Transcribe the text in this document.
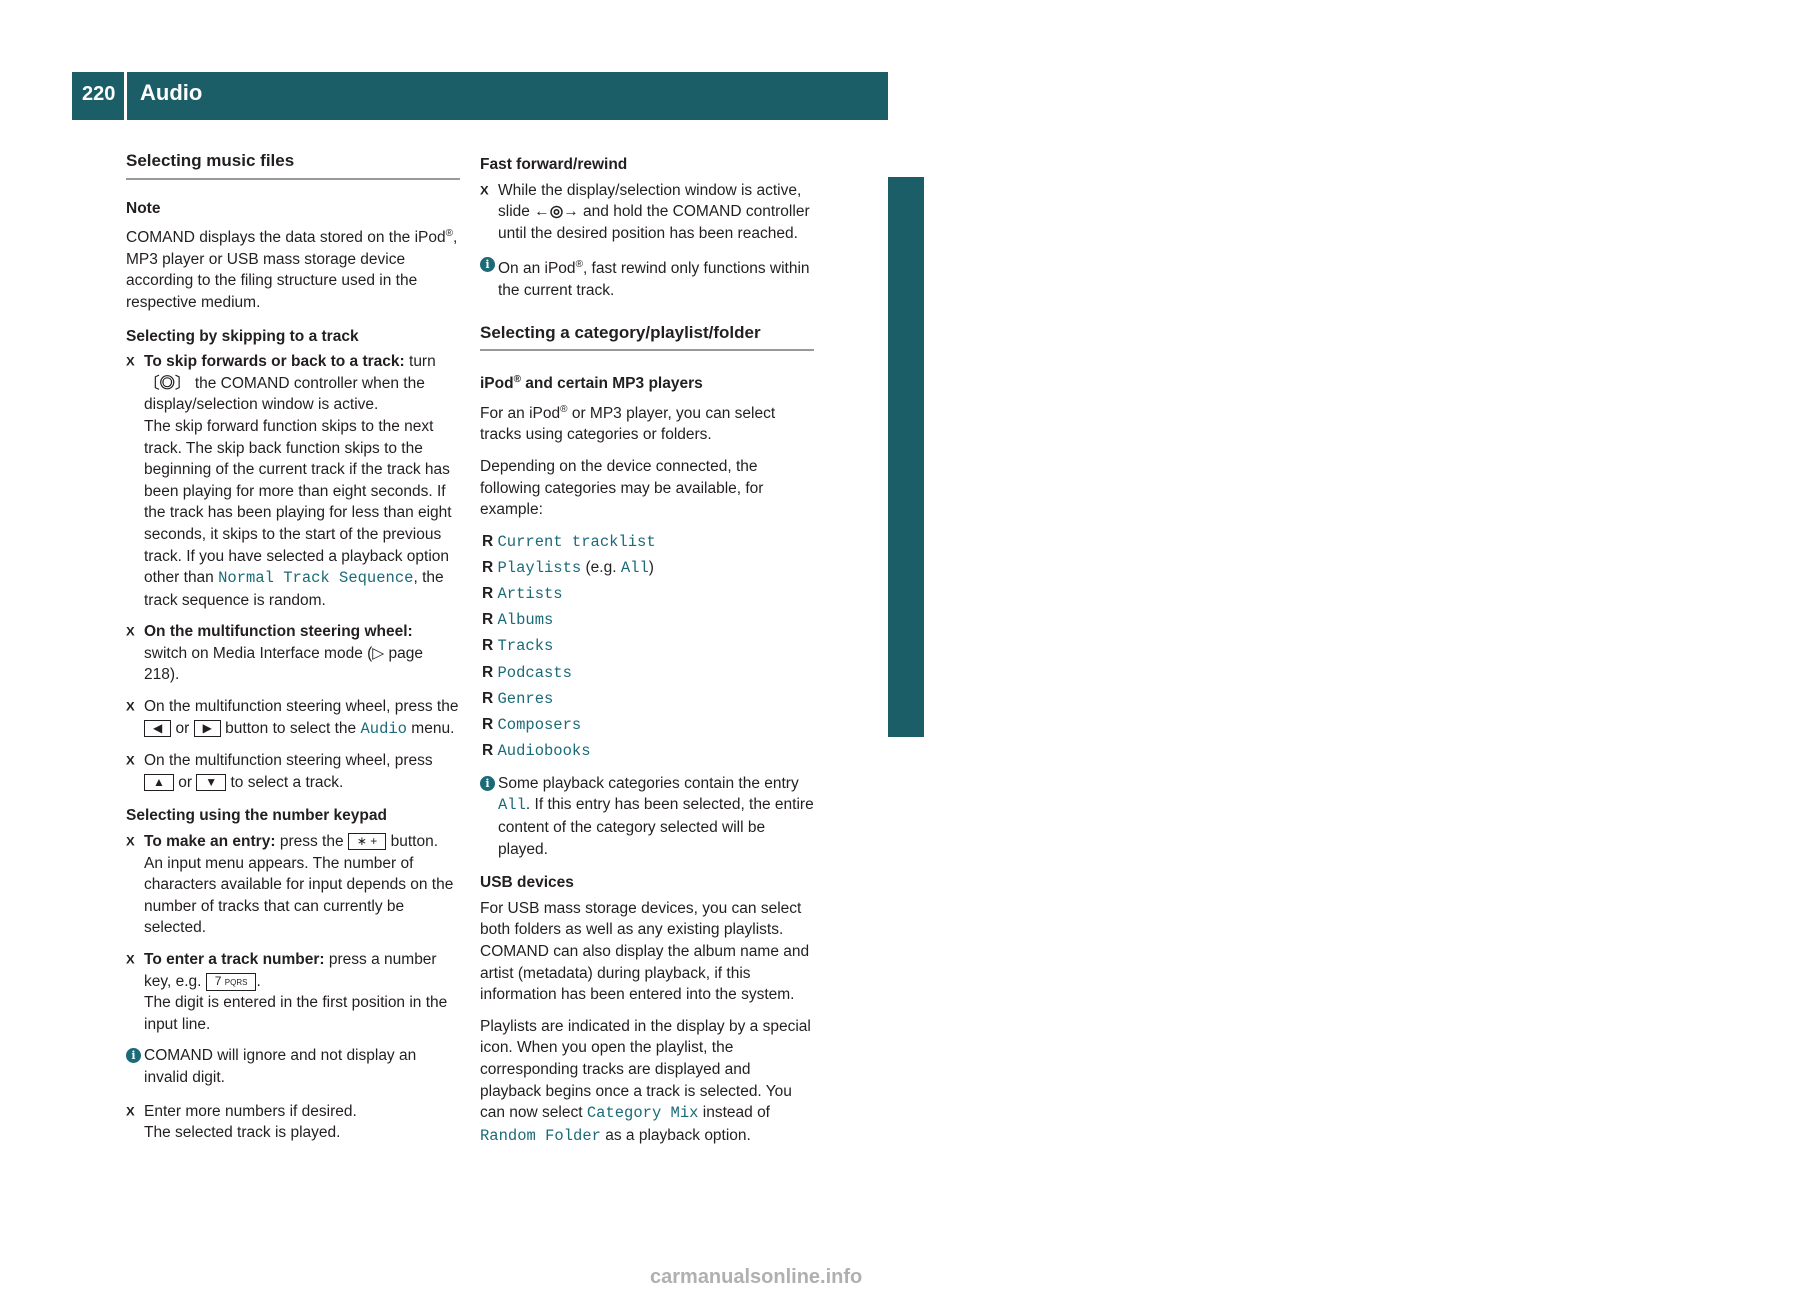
220 Audio
COMAND
Selecting music files
Note

COMAND displays the data stored on the iPod®, MP3 player or USB mass storage device according to the filing structure used in the respective medium.

Selecting by skipping to a track
X To skip forwards or back to a track: turn 〔◎〕 the COMAND controller when the display/selection window is active.
The skip forward function skips to the next track. The skip back function skips to the beginning of the current track if the track has been playing for more than eight seconds. If the track has been playing for less than eight seconds, it skips to the start of the previous track. If you have selected a playback option other than Normal Track Sequence, the track sequence is random.
X On the multifunction steering wheel: switch on Media Interface mode (▷ page 218).
X On the multifunction steering wheel, press the ◀ or ▶ button to select the Audio menu.
X On the multifunction steering wheel, press ▲ or ▼ to select a track.
Selecting using the number keypad
X To make an entry: press the ∗ + button.
An input menu appears. The number of characters available for input depends on the number of tracks that can currently be selected.
X To enter a track number: press a number key, e.g. 7 PQRS .
The digit is entered in the first position in the input line.
i COMAND will ignore and not display an invalid digit.
X Enter more numbers if desired.
The selected track is played.
Fast forward/rewind
X While the display/selection window is active, slide ←◎→ and hold the COMAND controller until the desired position has been reached.
i On an iPod®, fast rewind only functions within the current track.
Selecting a category/playlist/folder
iPod® and certain MP3 players

For an iPod® or MP3 player, you can select tracks using categories or folders.

Depending on the device connected, the following categories may be available, for example:

R Current tracklist
R Playlists (e.g. All)
R Artists
R Albums
R Tracks
R Podcasts
R Genres
R Composers
R Audiobooks
i Some playback categories contain the entry All. If this entry has been selected, the entire content of the category selected will be played.
USB devices

For USB mass storage devices, you can select both folders as well as any existing playlists. COMAND can also display the album name and artist (metadata) during playback, if this information has been entered into the system.

Playlists are indicated in the display by a special icon. When you open the playlist, the corresponding tracks are displayed and playback begins once a track is selected. You can now select Category Mix instead of Random Folder as a playback option.

carmanualsonline.info
